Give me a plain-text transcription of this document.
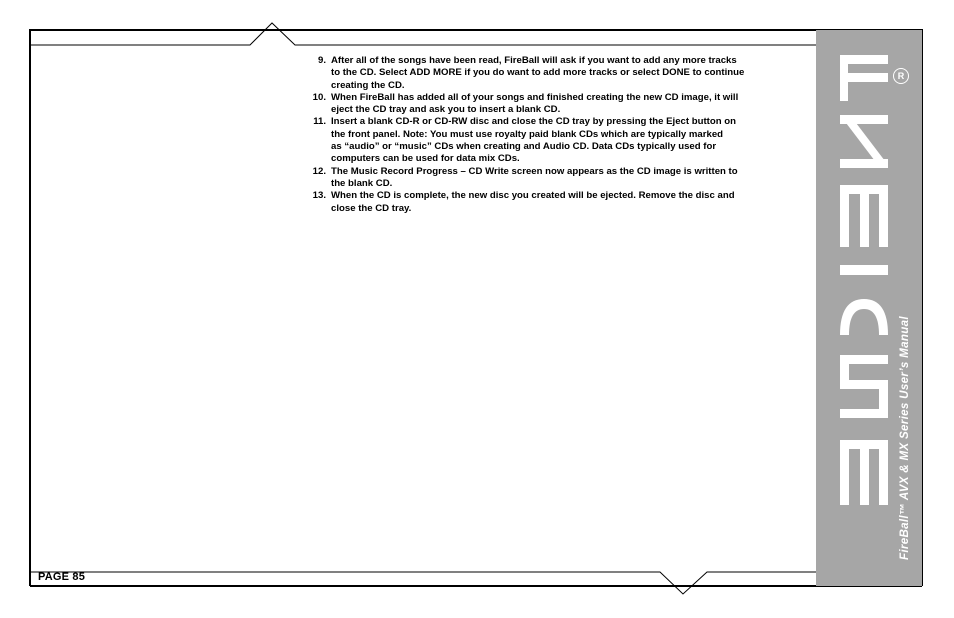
R
FireBall™ AVX & MX Series User’s Manual
9. After all of the songs have been read, FireBall will ask if you want to add any more tracks
to the CD. Select ADD MORE if you do want to add more tracks or select DONE to continue
creating the CD.
10. When FireBall has added all of your songs and finished creating the new CD image, it will
eject the CD tray and ask you to insert a blank CD.
11. Insert a blank CD-R or CD-RW disc and close the CD tray by pressing the Eject button on
the front panel. Note: You must use royalty paid blank CDs which are typically marked
as “audio” or “music” CDs when creating and Audio CD. Data CDs typically used for
computers can be used for data mix CDs.
12. The Music Record Progress – CD Write screen now appears as the CD image is written to
the blank CD.
13. When the CD is complete, the new disc you created will be ejected. Remove the disc and
close the CD tray.
PAGE 85
